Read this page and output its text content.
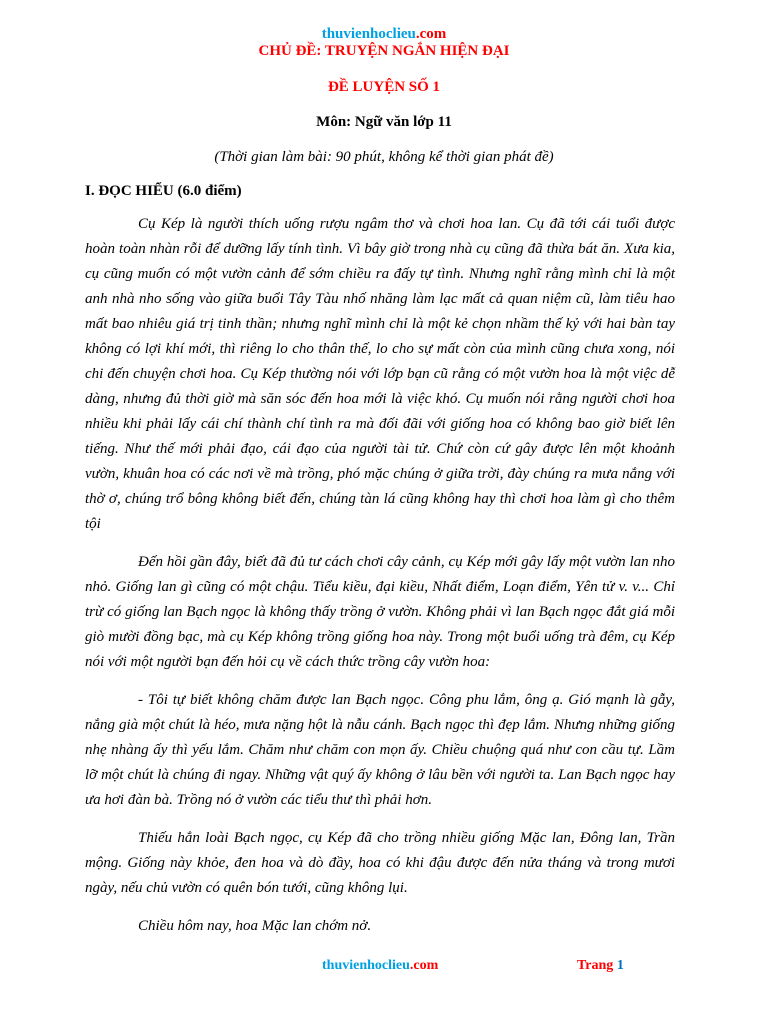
thuvienhoclieu.com
CHỦ ĐỀ: TRUYỆN NGẮN HIỆN ĐẠI
ĐỀ LUYỆN SỐ 1
Môn: Ngữ văn lớp 11
(Thời gian làm bài: 90 phút, không kể thời gian phát đề)
I. ĐỌC HIỂU (6.0 điểm)

Cụ Kép là người thích uống rượu ngâm thơ và chơi hoa lan. Cụ đã tới cái tuổi được hoàn toàn nhàn rỗi để dưỡng lấy tính tình. Vì bây giờ trong nhà cụ cũng đã thừa bát ăn. Xưa kia, cụ cũng muốn có một vườn cảnh để sớm chiều ra đấy tự tình. Nhưng nghĩ rằng mình chỉ là một anh nhà nho sống vào giữa buổi Tây Tàu nhố nhăng làm lạc mất cả quan niệm cũ, làm tiêu hao mất bao nhiêu giá trị tinh thần; nhưng nghĩ mình chỉ là một kẻ chọn nhầm thế kỷ với hai bàn tay không có lợi khí mới, thì riêng lo cho thân thế, lo cho sự mất còn của mình cũng chưa xong, nói chi đến chuyện chơi hoa. Cụ Kép thường nói với lớp bạn cũ rằng có một vườn hoa là một việc dễ dàng, nhưng đủ thời giờ mà săn sóc đến hoa mới là việc khó. Cụ muốn nói rằng người chơi hoa nhiều khi phải lấy cái chí thành chí tình ra mà đối đãi với giống hoa có không bao giờ biết lên tiếng. Như thế mới phải đạo, cái đạo của người tài tử. Chứ còn cứ gây được lên một khoảnh vườn, khuân hoa có các nơi về mà trồng, phó mặc chúng ở giữa trời, đày chúng ra mưa nắng với thờ ơ, chúng trổ bông không biết đến, chúng tàn lá cũng không hay thì chơi hoa làm gì cho thêm tội

Đến hồi gần đây, biết đã đủ tư cách chơi cây cảnh, cụ Kép mới gây lấy một vườn lan nho nhỏ. Giống lan gì cũng có một chậu. Tiểu kiều, đại kiều, Nhất điểm, Loạn điểm, Yên tử v. v... Chỉ trừ có giống lan Bạch ngọc là không thấy trồng ở vườn. Không phải vì lan Bạch ngọc đắt giá mỗi giò mười đồng bạc, mà cụ Kép không trồng giống hoa này. Trong một buổi uống trà đêm, cụ Kép nói với một người bạn đến hỏi cụ về cách thức trồng cây vườn hoa:

- Tôi tự biết không chăm được lan Bạch ngọc. Công phu lắm, ông ạ. Gió mạnh là gẫy, nắng già một chút là héo, mưa nặng hột là nẫu cánh. Bạch ngọc thì đẹp lắm. Nhưng những giống nhẹ nhàng ấy thì yếu lắm. Chăm như chăm con mọn ấy. Chiều chuộng quá như con cầu tự. Lầm lỡ một chút là chúng đi ngay. Những vật quý ấy không ở lâu bền với người ta. Lan Bạch ngọc hay ưa hơi đàn bà. Trồng nó ở vườn các tiểu thư thì phải hơn.

Thiếu hẳn loài Bạch ngọc, cụ Kép đã cho trồng nhiều giống Mặc lan, Đông lan, Trần mộng. Giống này khỏe, đen hoa và dò đầy, hoa có khi đậu được đến nửa tháng và trong mươi ngày, nếu chủ vườn có quên bón tưới, cũng không lụi.

Chiều hôm nay, hoa Mặc lan chớm nở.

thuvienhoclieu.com	Trang 1
